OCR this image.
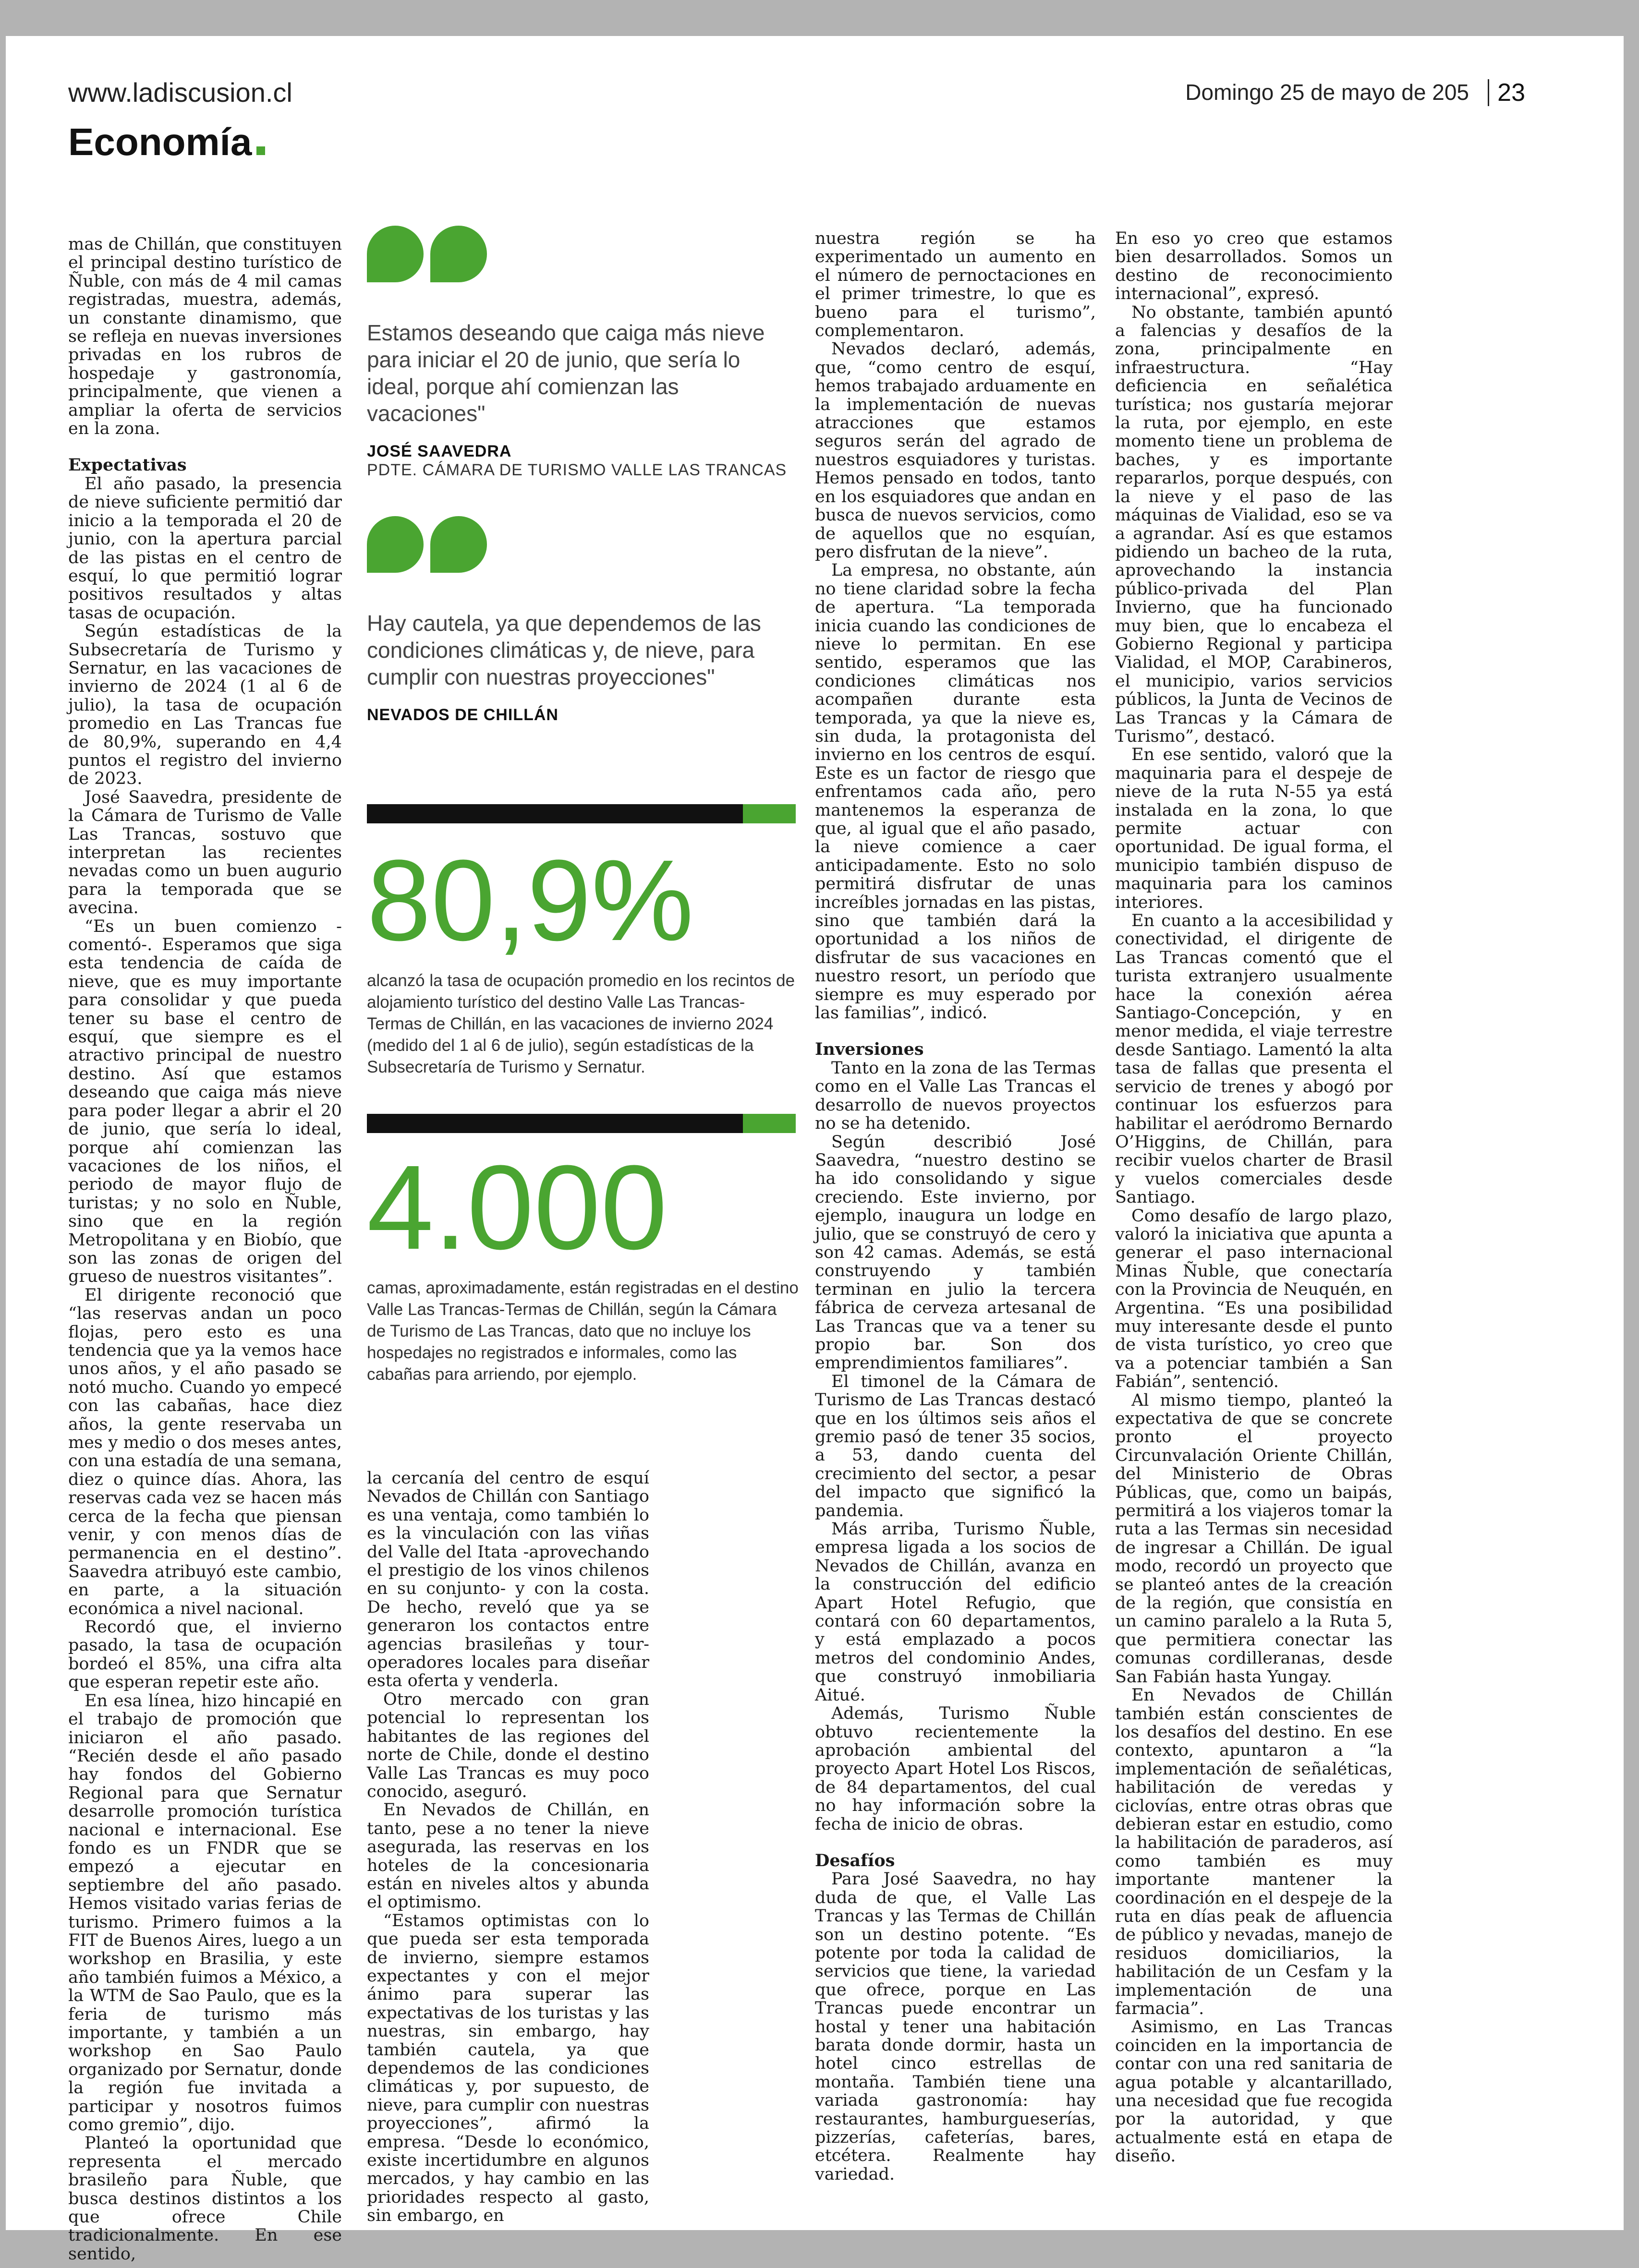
www.ladiscusion.cl	Domingo 25 de mayo de 205 23
Economía

mas de Chillán, que constituyen el principal destino turístico de Ñuble, con más de 4 mil camas registradas, muestra, además, un constante dinamismo, que se refleja en nuevas inversiones privadas en los rubros de hospedaje y gastronomía, principalmente, que vienen a ampliar la oferta de servicios en la zona.

Expectativas

El año pasado, la presencia de nieve suficiente permitió dar inicio a la temporada el 20 de junio, con la apertura parcial de las pistas en el centro de esquí, lo que permitió lograr positivos resultados y altas tasas de ocupación.

Según estadísticas de la Subsecretaría de Turismo y Sernatur, en las vacaciones de invierno de 2024 (1 al 6 de julio), la tasa de ocupación promedio en Las Trancas fue de 80,9%, superando en 4,4 puntos el registro del invierno de 2023.

José Saavedra, presidente de la Cámara de Turismo de Valle Las Trancas, sostuvo que interpretan las recientes nevadas como un buen augurio para la temporada que se avecina.

“Es un buen comienzo -comentó-. Esperamos que siga esta tendencia de caída de nieve, que es muy importante para consolidar y que pueda tener su base el centro de esquí, que siempre es el atractivo principal de nuestro destino. Así que estamos deseando que caiga más nieve para poder llegar a abrir el 20 de junio, que sería lo ideal, porque ahí comienzan las vacaciones de los niños, el periodo de mayor flujo de turistas; y no solo en Ñuble, sino que en la región Metropolitana y en Biobío, que son las zonas de origen del grueso de nuestros visitantes”.

El dirigente reconoció que “las reservas andan un poco flojas, pero esto es una tendencia que ya la vemos hace unos años, y el año pasado se notó mucho. Cuando yo empecé con las cabañas, hace diez años, la gente reservaba un mes y medio o dos meses antes, con una estadía de una semana, diez o quince días. Ahora, las reservas cada vez se hacen más cerca de la fecha que piensan venir, y con menos días de permanencia en el destino”. Saavedra atribuyó este cambio, en parte, a la situación económica a nivel nacional.

Recordó que, el invierno pasado, la tasa de ocupación bordeó el 85%, una cifra alta que esperan repetir este año.

En esa línea, hizo hincapié en el trabajo de promoción que iniciaron el año pasado. “Recién desde el año pasado hay fondos del Gobierno Regional para que Sernatur desarrolle promoción turística nacional e internacional. Ese fondo es un FNDR que se empezó a ejecutar en septiembre del año pasado. Hemos visitado varias ferias de turismo. Primero fuimos a la FIT de Buenos Aires, luego a un workshop en Brasilia, y este año también fuimos a México, a la WTM de Sao Paulo, que es la feria de turismo más importante, y también a un workshop en Sao Paulo organizado por Sernatur, donde la región fue invitada a participar y nosotros fuimos como gremio”, dijo.

Planteó la oportunidad que representa el mercado brasileño para Ñuble, que busca destinos distintos a los que ofrece Chile tradicionalmente. En ese sentido,

Estamos deseando que caiga más nieve para iniciar el 20 de junio, que sería lo ideal, porque ahí comienzan las vacaciones"
JOSÉ SAAVEDRA
PDTE. CÁMARA DE TURISMO VALLE LAS TRANCAS
Hay cautela, ya que dependemos de las condiciones climáticas y, de nieve, para cumplir con nuestras proyecciones"
NEVADOS DE CHILLÁN
80,9%
alcanzó la tasa de ocupación promedio en los recintos de alojamiento turístico del destino Valle Las Trancas-Termas de Chillán, en las vacaciones de invierno 2024 (medido del 1 al 6 de julio), según estadísticas de la Subsecretaría de Turismo y Sernatur.
4.000
camas, aproximadamente, están registradas en el destino Valle Las Trancas-Termas de Chillán, según la Cámara de Turismo de Las Trancas, dato que no incluye los hospedajes no registrados e informales, como las cabañas para arriendo, por ejemplo.

la cercanía del centro de esquí Nevados de Chillán con Santiago es una ventaja, como también lo es la vinculación con las viñas del Valle del Itata -aprovechando el prestigio de los vinos chilenos en su conjunto- y con la costa. De hecho, reveló que ya se generaron los contactos entre agencias brasileñas y tour-operadores locales para diseñar esta oferta y venderla.

Otro mercado con gran potencial lo representan los habitantes de las regiones del norte de Chile, donde el destino Valle Las Trancas es muy poco conocido, aseguró.

En Nevados de Chillán, en tanto, pese a no tener la nieve asegurada, las reservas en los hoteles de la concesionaria están en niveles altos y abunda el optimismo.

“Estamos optimistas con lo que pueda ser esta temporada de invierno, siempre estamos expectantes y con el mejor ánimo para superar las expectativas de los turistas y las nuestras, sin embargo, hay también cautela, ya que dependemos de las condiciones climáticas y, por supuesto, de nieve, para cumplir con nuestras proyecciones”, afirmó la empresa. “Desde lo económico, existe incertidumbre en algunos mercados, y hay cambio en las prioridades respecto al gasto, sin embargo, en

nuestra región se ha experimentado un aumento en el número de pernoctaciones en el primer trimestre, lo que es bueno para el turismo”, complementaron.

Nevados declaró, además, que, “como centro de esquí, hemos trabajado arduamente en la implementación de nuevas atracciones que estamos seguros serán del agrado de nuestros esquiadores y turistas. Hemos pensado en todos, tanto en los esquiadores que andan en busca de nuevos servicios, como de aquellos que no esquían, pero disfrutan de la nieve”.

La empresa, no obstante, aún no tiene claridad sobre la fecha de apertura. “La temporada inicia cuando las condiciones de nieve lo permitan. En ese sentido, esperamos que las condiciones climáticas nos acompañen durante esta temporada, ya que la nieve es, sin duda, la protagonista del invierno en los centros de esquí. Este es un factor de riesgo que enfrentamos cada año, pero mantenemos la esperanza de que, al igual que el año pasado, la nieve comience a caer anticipadamente. Esto no solo permitirá disfrutar de unas increíbles jornadas en las pistas, sino que también dará la oportunidad a los niños de disfrutar de sus vacaciones en nuestro resort, un período que siempre es muy esperado por las familias”, indicó.

Inversiones

Tanto en la zona de las Termas como en el Valle Las Trancas el desarrollo de nuevos proyectos no se ha detenido.

Según describió José Saavedra, “nuestro destino se ha ido consolidando y sigue creciendo. Este invierno, por ejemplo, inaugura un lodge en julio, que se construyó de cero y son 42 camas. Además, se está construyendo y también terminan en julio la tercera fábrica de cerveza artesanal de Las Trancas que va a tener su propio bar. Son dos emprendimientos familiares”.

El timonel de la Cámara de Turismo de Las Trancas destacó que en los últimos seis años el gremio pasó de tener 35 socios, a 53, dando cuenta del crecimiento del sector, a pesar del impacto que significó la pandemia.

Más arriba, Turismo Ñuble, empresa ligada a los socios de Nevados de Chillán, avanza en la construcción del edificio Apart Hotel Refugio, que contará con 60 departamentos, y está emplazado a pocos metros del condominio Andes, que construyó inmobiliaria Aitué.

Además, Turismo Ñuble obtuvo recientemente la aprobación ambiental del proyecto Apart Hotel Los Riscos, de 84 departamentos, del cual no hay información sobre la fecha de inicio de obras.

Desafíos

Para José Saavedra, no hay duda de que, el Valle Las Trancas y las Termas de Chillán son un destino potente. “Es potente por toda la calidad de servicios que tiene, la variedad que ofrece, porque en Las Trancas puede encontrar un hostal y tener una habitación barata donde dormir, hasta un hotel cinco estrellas de montaña. También tiene una variada gastronomía: hay restaurantes, hamburgueserías, pizzerías, cafeterías, bares, etcétera. Realmente hay variedad.

En eso yo creo que estamos bien desarrollados. Somos un destino de reconocimiento internacional”, expresó.

No obstante, también apuntó a falencias y desafíos de la zona, principalmente en infraestructura. “Hay deficiencia en señalética turística; nos gustaría mejorar la ruta, por ejemplo, en este momento tiene un problema de baches, y es importante repararlos, porque después, con la nieve y el paso de las máquinas de Vialidad, eso se va a agrandar. Así es que estamos pidiendo un bacheo de la ruta, aprovechando la instancia público-privada del Plan Invierno, que ha funcionado muy bien, que lo encabeza el Gobierno Regional y participa Vialidad, el MOP, Carabineros, el municipio, varios servicios públicos, la Junta de Vecinos de Las Trancas y la Cámara de Turismo”, destacó.

En ese sentido, valoró que la maquinaria para el despeje de nieve de la ruta N-55 ya está instalada en la zona, lo que permite actuar con oportunidad. De igual forma, el municipio también dispuso de maquinaria para los caminos interiores.

En cuanto a la accesibilidad y conectividad, el dirigente de Las Trancas comentó que el turista extranjero usualmente hace la conexión aérea Santiago-Concepción, y en menor medida, el viaje terrestre desde Santiago. Lamentó la alta tasa de fallas que presenta el servicio de trenes y abogó por continuar los esfuerzos para habilitar el aeródromo Bernardo O’Higgins, de Chillán, para recibir vuelos charter de Brasil y vuelos comerciales desde Santiago.

Como desafío de largo plazo, valoró la iniciativa que apunta a generar el paso internacional Minas Ñuble, que conectaría con la Provincia de Neuquén, en Argentina. “Es una posibilidad muy interesante desde el punto de vista turístico, yo creo que va a potenciar también a San Fabián”, sentenció.

Al mismo tiempo, planteó la expectativa de que se concrete pronto el proyecto Circunvalación Oriente Chillán, del Ministerio de Obras Públicas, que, como un baipás, permitirá a los viajeros tomar la ruta a las Termas sin necesidad de ingresar a Chillán. De igual modo, recordó un proyecto que se planteó antes de la creación de la región, que consistía en un camino paralelo a la Ruta 5, que permitiera conectar las comunas cordilleranas, desde San Fabián hasta Yungay.

En Nevados de Chillán también están conscientes de los desafíos del destino. En ese contexto, apuntaron a “la implementación de señaléticas, habilitación de veredas y ciclovías, entre otras obras que debieran estar en estudio, como la habilitación de paraderos, así como también es muy importante mantener la coordinación en el despeje de la ruta en días peak de afluencia de público y nevadas, manejo de residuos domiciliarios, la habilitación de un Cesfam y la implementación de una farmacia”.

Asimismo, en Las Trancas coinciden en la importancia de contar con una red sanitaria de agua potable y alcantarillado, una necesidad que fue recogida por la autoridad, y que actualmente está en etapa de diseño.
